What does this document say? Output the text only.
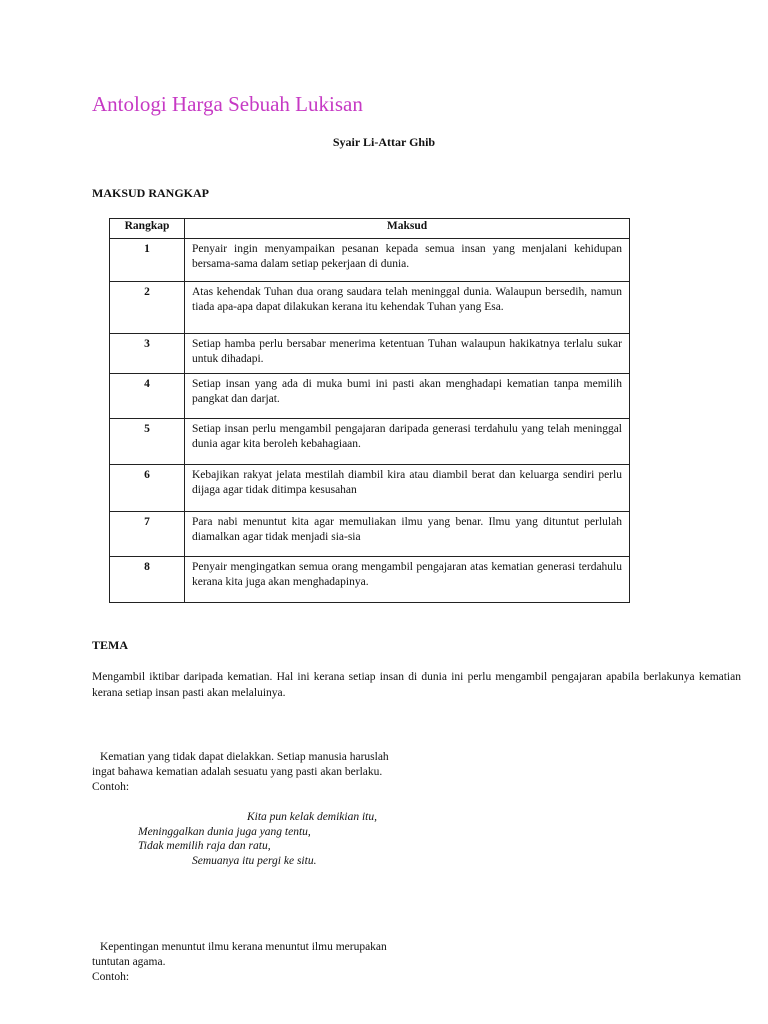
Antologi Harga Sebuah Lukisan
Syair Li-Attar Ghib
MAKSUD RANGKAP
Rangkap	Maksud
1	Penyair ingin menyampaikan pesanan kepada semua insan yang menjalani kehidupan bersama-sama dalam setiap pekerjaan di dunia.
2	Atas kehendak Tuhan dua orang saudara telah meninggal dunia. Walaupun bersedih, namun tiada apa-apa dapat dilakukan kerana itu kehendak Tuhan yang Esa.
3	Setiap hamba perlu bersabar menerima ketentuan Tuhan walaupun hakikatnya terlalu sukar untuk dihadapi.
4	Setiap insan yang ada di muka bumi ini pasti akan menghadapi kematian tanpa memilih pangkat dan darjat.
5	Setiap insan perlu mengambil pengajaran daripada generasi terdahulu yang telah meninggal dunia agar kita beroleh kebahagiaan.
6	Kebajikan rakyat jelata mestilah diambil kira atau diambil berat dan keluarga sendiri perlu dijaga agar tidak ditimpa kesusahan
7	Para nabi menuntut kita agar memuliakan ilmu yang benar. Ilmu yang dituntut perlulah diamalkan agar tidak menjadi sia-sia
8	Penyair mengingatkan semua orang mengambil pengajaran atas kematian generasi terdahulu kerana kita juga akan menghadapinya.
TEMA
Mengambil iktibar daripada kematian. Hal ini kerana setiap insan di dunia ini perlu mengambil pengajaran apabila berlakunya kematian kerana setiap insan pasti akan melaluinya.
Kematian yang tidak dapat dielakkan. Setiap manusia haruslah ingat bahawa kematian adalah sesuatu yang pasti akan berlaku.
Contoh:
Kita pun kelak demikian itu,
Meninggalkan dunia juga yang tentu,
Tidak memilih raja dan ratu,
Semuanya itu pergi ke situ.
Kepentingan menuntut ilmu kerana menuntut ilmu merupakan tuntutan agama.
Contoh:
